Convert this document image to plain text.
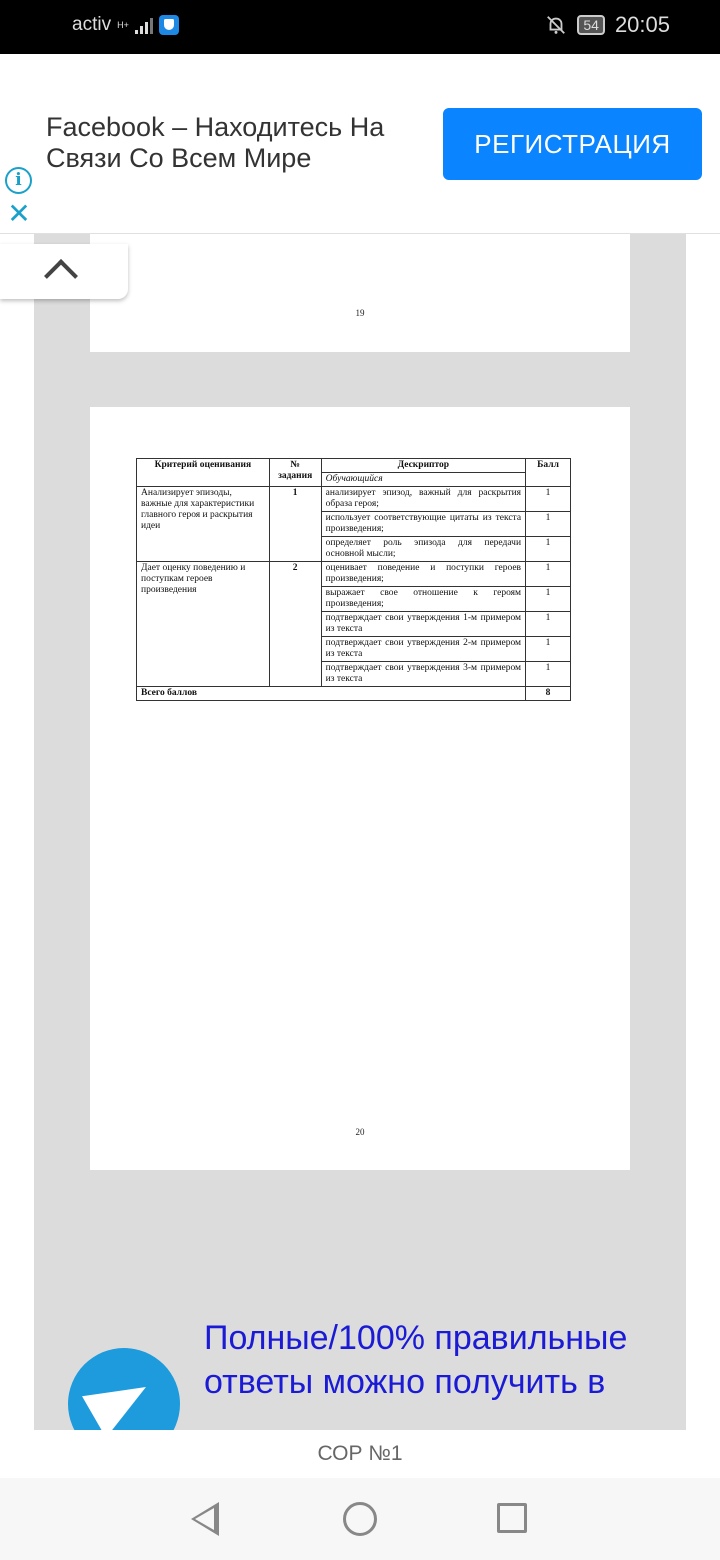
activ H+	54 20:05
Facebook – Находитесь На Связи Со Всем Мире	РЕГИСТРАЦИЯ
i
✕
19
Критерий оценивания	№ задания	Дескриптор	Балл
		Обучающийся	
Анализирует эпизоды, важные для характеристики главного героя и раскрытия идеи	1	анализирует эпизод, важный для раскрытия образа героя;	1
		использует соответствующие цитаты из текста произведения;	1
		определяет роль эпизода для передачи основной мысли;	1
Дает оценку поведению и поступкам героев произведения	2	оценивает поведение и поступки героев произведения;	1
		выражает свое отношение к героям произведения;	1
		подтверждает свои утверждения 1-м примером из текста	1
		подтверждает свои утверждения 2-м примером из текста	1
		подтверждает свои утверждения 3-м примером из текста	1
Всего баллов			8
20
Полные/100% правильные ответы можно получить в
СОР №1
